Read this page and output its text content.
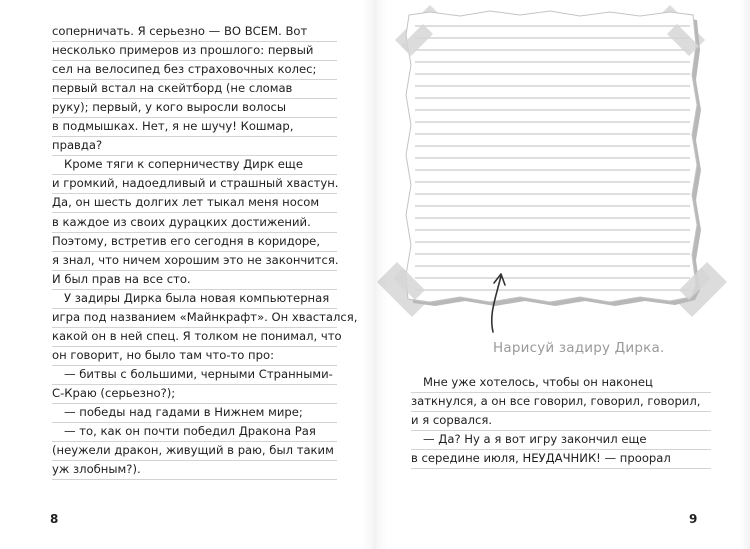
соперничать. Я серьезно — ВО ВСЕМ. Вот
несколько примеров из прошлого: первый
сел на велосипед без страховочных колес;
первый встал на скейтборд (не сломав
руку); первый, у кого выросли волосы
в подмышках. Нет, я не шучу! Кошмар,
правда?
Кроме тяги к соперничеству Дирк еще
и громкий, надоедливый и страшный хвастун.
Да, он шесть долгих лет тыкал меня носом
в каждое из своих дурацких достижений.
Поэтому, встретив его сегодня в коридоре,
я знал, что ничем хорошим это не закончится.
И был прав на все сто.
У задиры Дирка была новая компьютерная
игра под названием «Майнкрафт». Он хвастался,
какой он в ней спец. Я толком не понимал, что
он говорит, но было там что-то про:
— битвы с большими, черными Странными-
С-Краю (серьезно?);
— победы над гадами в Нижнем мире;
— то, как он почти победил Дракона Рая
(неужели дракон, живущий в раю, был таким
уж злобным?).
8
Нарисуй задиру Дирка.
Мне уже хотелось, чтобы он наконец
заткнулся, а он все говорил, говорил, говорил,
и я сорвался.
— Да? Ну а я вот игру закончил еще
в середине июля, НЕУДАЧНИК! — проорал
9
